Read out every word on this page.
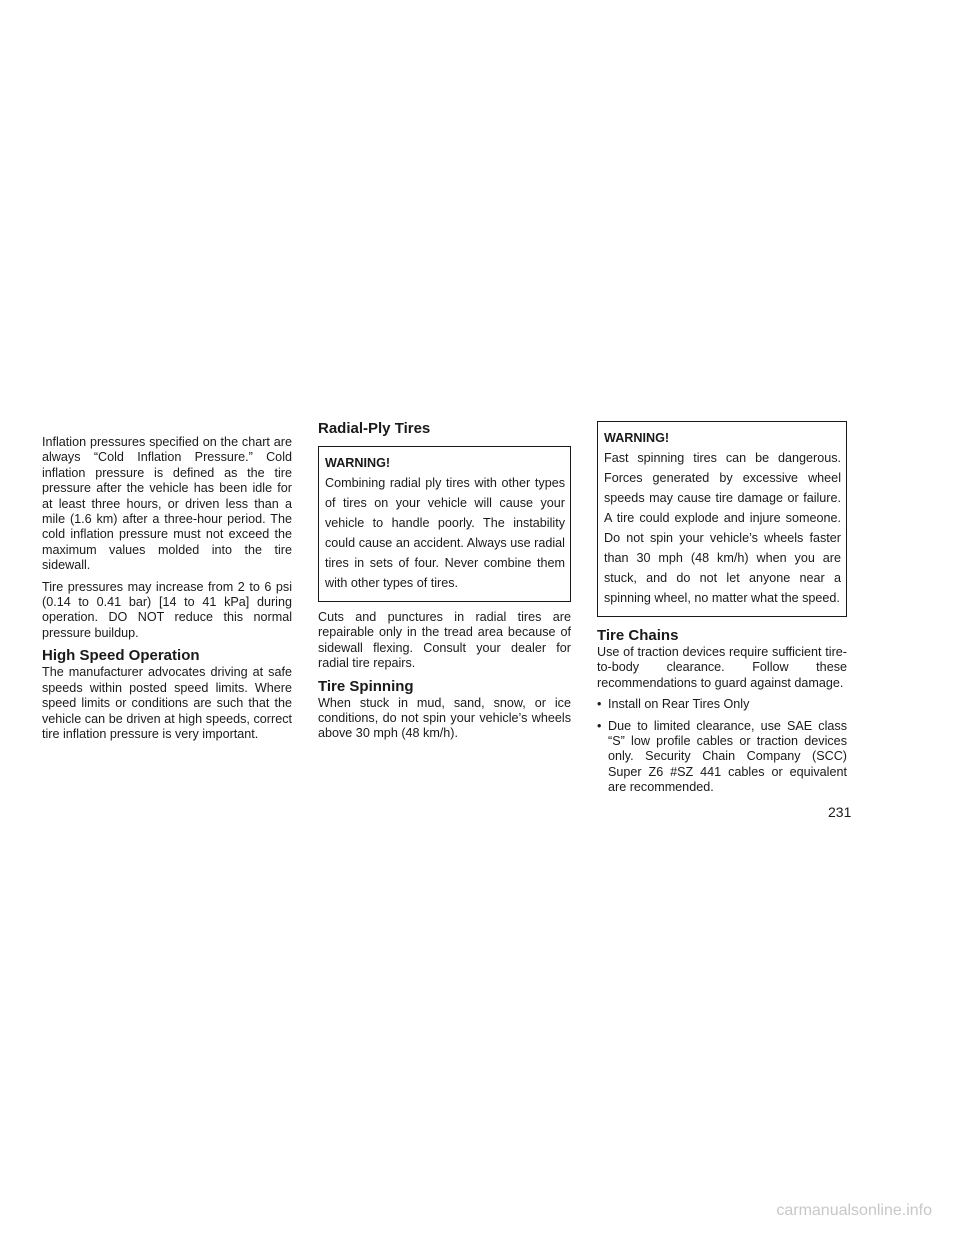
Inflation pressures specified on the chart are always “Cold Inflation Pressure.” Cold inflation pressure is defined as the tire pressure after the vehicle has been idle for at least three hours, or driven less than a mile (1.6 km) after a three-hour period. The cold inflation pressure must not exceed the maximum values molded into the tire sidewall.

Tire pressures may increase from 2 to 6 psi (0.14 to 0.41 bar) [14 to 41 kPa] during operation. DO NOT reduce this normal pressure buildup.

High Speed Operation

The manufacturer advocates driving at safe speeds within posted speed limits. Where speed limits or conditions are such that the vehicle can be driven at high speeds, correct tire inflation pressure is very important.

Radial-Ply Tires
WARNING!
Combining radial ply tires with other types of tires on your vehicle will cause your vehicle to handle poorly. The instability could cause an accident. Always use radial tires in sets of four. Never combine them with other types of tires.

Cuts and punctures in radial tires are repairable only in the tread area because of sidewall flexing. Consult your dealer for radial tire repairs.

Tire Spinning

When stuck in mud, sand, snow, or ice conditions, do not spin your vehicle’s wheels above 30 mph (48 km/h).

WARNING!
Fast spinning tires can be dangerous. Forces generated by excessive wheel speeds may cause tire damage or failure. A tire could explode and injure someone. Do not spin your vehicle’s wheels faster than 30 mph (48 km/h) when you are stuck, and do not let anyone near a spinning wheel, no matter what the speed.
Tire Chains

Use of traction devices require sufficient tire-to-body clearance. Follow these recommendations to guard against damage.

• Install on Rear Tires Only
• Due to limited clearance, use SAE class “S” low profile cables or traction devices only. Security Chain Company (SCC) Super Z6 #SZ 441 cables or equivalent are recommended.
231
carmanualsonline.info
